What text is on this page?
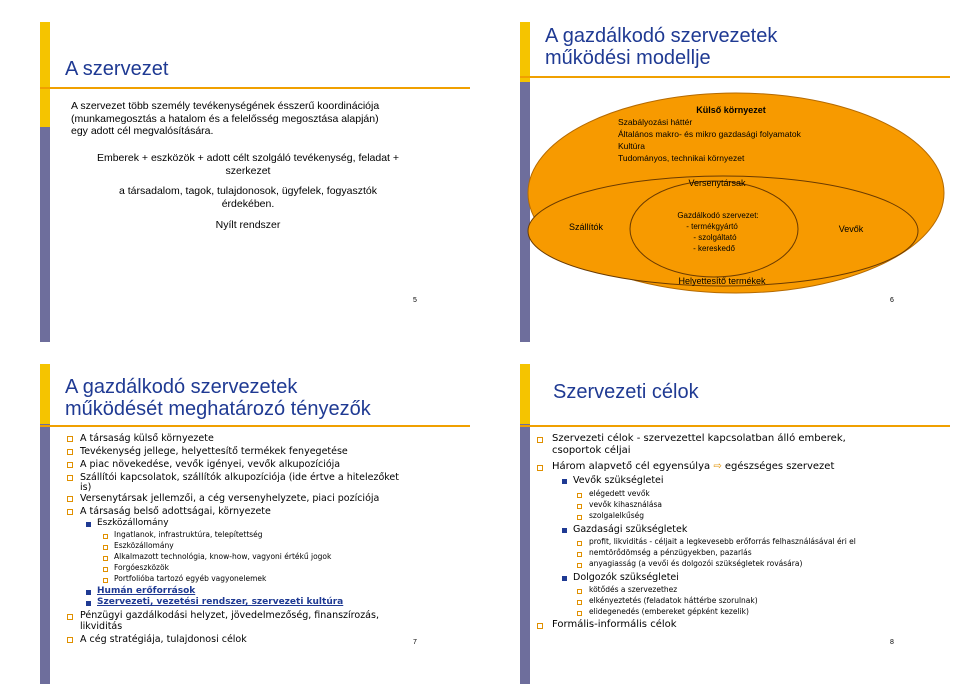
A szervezet
A szervezet több személy tevékenységének ésszerű koordinációja
(munkamegosztás a hatalom és a felelősség megosztása alapján)
egy adott cél megvalósítására.
Emberek + eszközök + adott célt szolgáló tevékenység, feladat +
szerkezet
a társadalom, tagok, tulajdonosok, ügyfelek, fogyasztók
érdekében.
Nyílt rendszer
5
A gazdálkodó szervezetek
működési modellje
Külső környezet
Szabályozási háttér
Általános makro- és mikro gazdasági folyamatok
Kultúra
Tudományos, technikai környezet
Versenytársak
Szállítók
Gazdálkodó szervezet:
- termékgyártó
- szolgáltató
- kereskedő
Vevők
Helyettesítő termékek
6
A gazdálkodó szervezetek
működését meghatározó tényezők
A társaság külső környezete
Tevékenység jellege, helyettesítő termékek fenyegetése
A piac növekedése, vevők igényei, vevők alkupozíciója
Szállítói kapcsolatok, szállítók alkupozíciója (ide értve a hitelezőket
is)
Versenytársak jellemzői, a cég versenyhelyzete, piaci pozíciója
A társaság belső adottságai, környezete
Eszközállomány
Ingatlanok, infrastruktúra, telepítettség
Eszközállomány
Alkalmazott technológia, know-how, vagyoni értékű jogok
Forgóeszközök
Portfolióba tartozó egyéb vagyonelemek
Humán erőforrások
Szervezeti, vezetési rendszer, szervezeti kultúra
Pénzügyi gazdálkodási helyzet, jövedelmezőség, finanszírozás,
likviditás
A cég stratégiája, tulajdonosi célok	7
Szervezeti célok
Szervezeti célok - szervezettel kapcsolatban álló emberek,
csoportok céljai
Három alapvető cél egyensúlya ⇨ egészséges szervezet
Vevők szükségletei
elégedett vevők
vevők kihasználása
szolgalelkűség
Gazdasági szükségletek
profit, likviditás - céljait a legkevesebb erőforrás felhasználásával éri el
nemtörődömség a pénzügyekben, pazarlás
anyagiasság (a vevői és dolgozói szükségletek rovására)
Dolgozók szükségletei
kötődés a szervezethez
elkényeztetés (feladatok háttérbe szorulnak)
elidegenedés (embereket gépként kezelik)
Formális-informális célok
8
